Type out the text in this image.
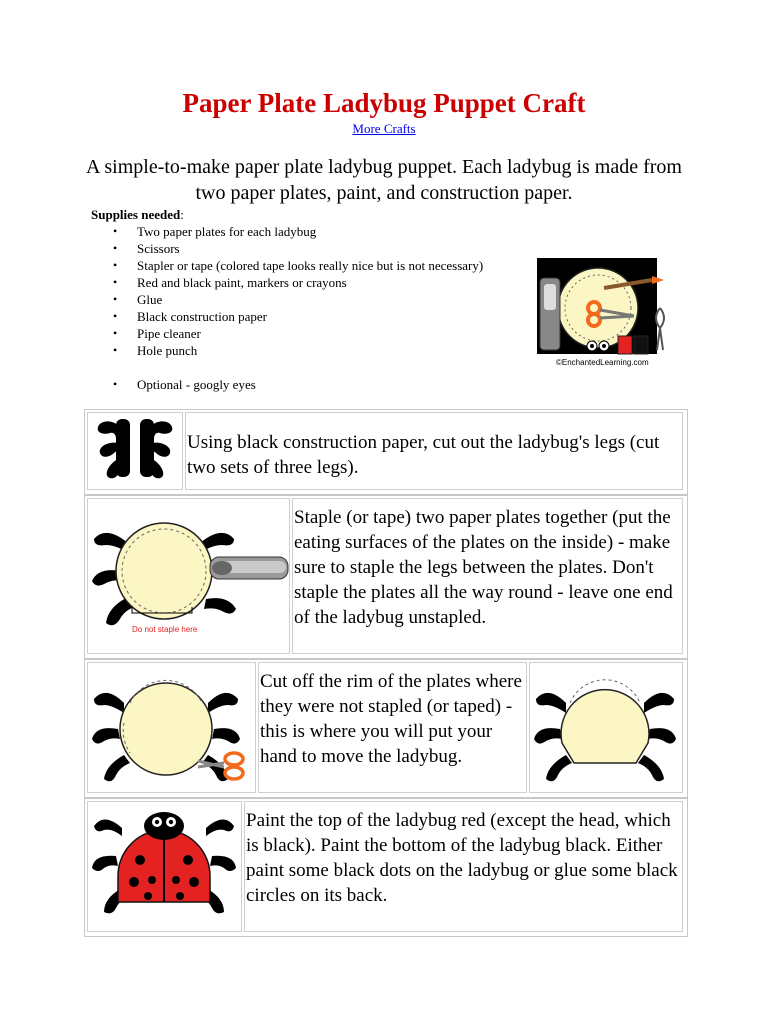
Paper Plate Ladybug Puppet Craft
More Crafts
A simple-to-make paper plate ladybug puppet. Each ladybug is made from two paper plates, paint, and construction paper.
Supplies needed:
• Two paper plates for each ladybug
• Scissors
• Stapler or tape (colored tape looks really nice but is not necessary)
• Red and black paint, markers or crayons
• Glue
• Black construction paper
• Pipe cleaner
• Hole punch
• Optional - googly eyes
©EnchantedLearning.com
Using black construction paper, cut out the ladybug's legs (cut two sets of three legs).
Do not staple here
Staple (or tape) two paper plates together (put the eating surfaces of the plates on the inside) - make sure to staple the legs between the plates. Don't staple the plates all the way round - leave one end of the ladybug unstapled.
Cut off the rim of the plates where they were not stapled (or taped) - this is where you will put your hand to move the ladybug.
Paint the top of the ladybug red (except the head, which is black). Paint the bottom of the ladybug black. Either paint some black dots on the ladybug or glue some black circles on its back.
